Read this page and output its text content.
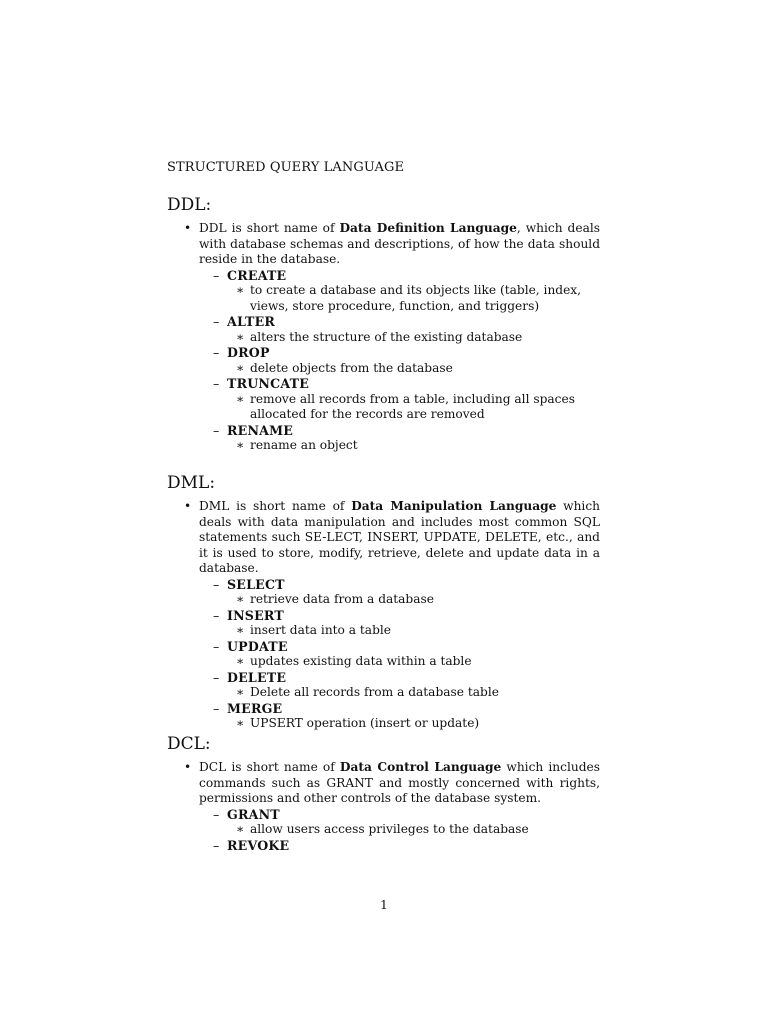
STRUCTURED QUERY LANGUAGE
DDL:

• DDL is short name of Data Definition Language, which deals with database schemas and descriptions, of how the data should reside in the database.

– CREATE
∗ to create a database and its objects like (table, index, views, store procedure, function, and triggers)
– ALTER
∗ alters the structure of the existing database
– DROP
∗ delete objects from the database
– TRUNCATE
∗ remove all records from a table, including all spaces allocated for the records are removed
– RENAME
∗ rename an object
DML:

• DML is short name of Data Manipulation Language which deals with data manipulation and includes most common SQL statements such SE-LECT, INSERT, UPDATE, DELETE, etc., and it is used to store, modify, retrieve, delete and update data in a database.

– SELECT
∗ retrieve data from a database
– INSERT
∗ insert data into a table
– UPDATE
∗ updates existing data within a table
– DELETE
∗ Delete all records from a database table
– MERGE
∗ UPSERT operation (insert or update)
DCL:

• DCL is short name of Data Control Language which includes commands such as GRANT and mostly concerned with rights, permissions and other controls of the database system.

– GRANT
∗ allow users access privileges to the database
– REVOKE
1
